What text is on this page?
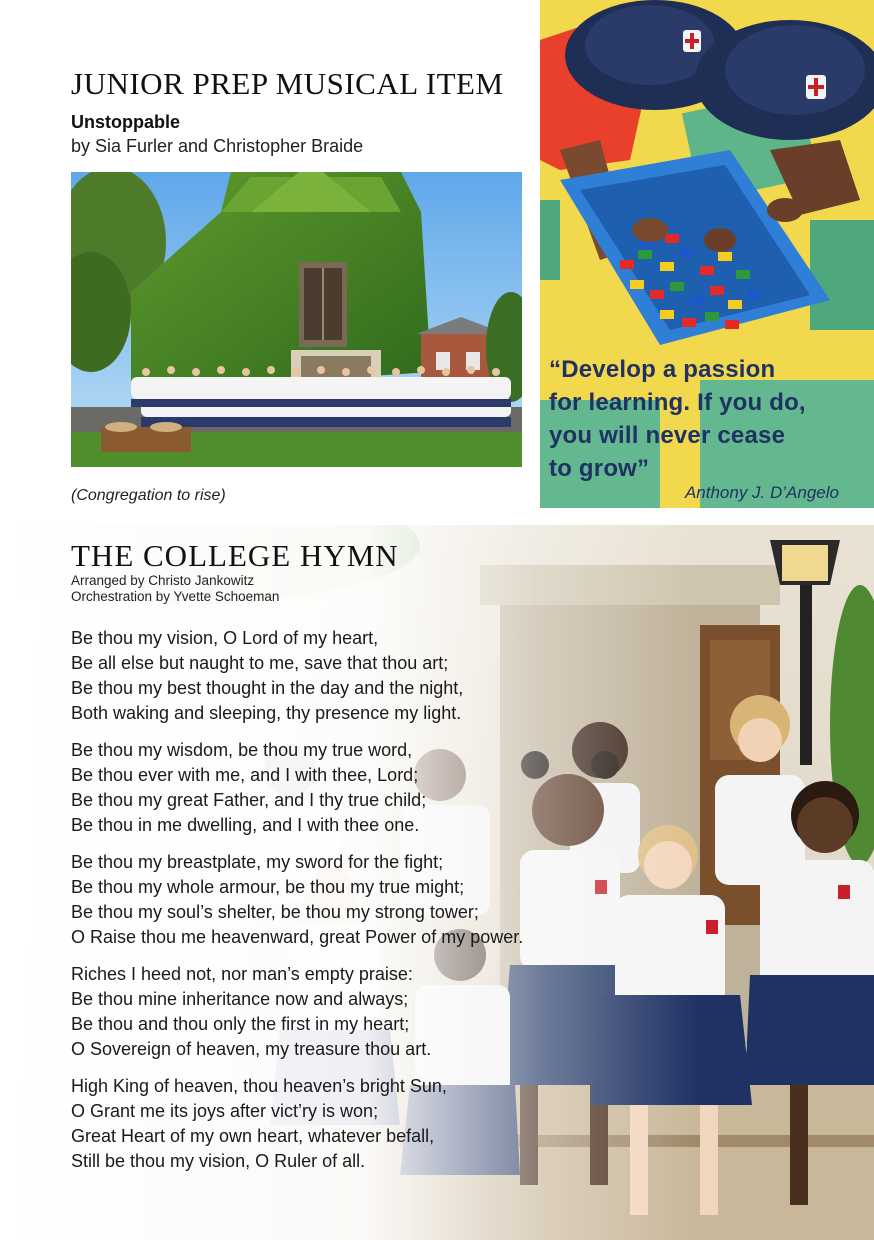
JUNIOR PREP MUSICAL ITEM
Unstoppable
by Sia Furler and Christopher Braide
(Congregation to rise)
“Develop a passion
for learning. If you do,
you will never cease
to grow”
Anthony J. D’Angelo
THE COLLEGE HYMN
Arranged by Christo Jankowitz
Orchestration by Yvette Schoeman
Be thou my vision, O Lord of my heart,
Be all else but naught to me, save that thou art;
Be thou my best thought in the day and the night,
Both waking and sleeping, thy presence my light.
Be thou my wisdom, be thou my true word,
Be thou ever with me, and I with thee, Lord;
Be thou my great Father, and I thy true child;
Be thou in me dwelling, and I with thee one.
Be thou my breastplate, my sword for the fight;
Be thou my whole armour, be thou my true might;
Be thou my soul’s shelter, be thou my strong tower;
O Raise thou me heavenward, great Power of my power.
Riches I heed not, nor man’s empty praise:
Be thou mine inheritance now and always;
Be thou and thou only the first in my heart;
O Sovereign of heaven, my treasure thou art.
High King of heaven, thou heaven’s bright Sun,
O Grant me its joys after vict’ry is won;
Great Heart of my own heart, whatever befall,
Still be thou my vision, O Ruler of all.
